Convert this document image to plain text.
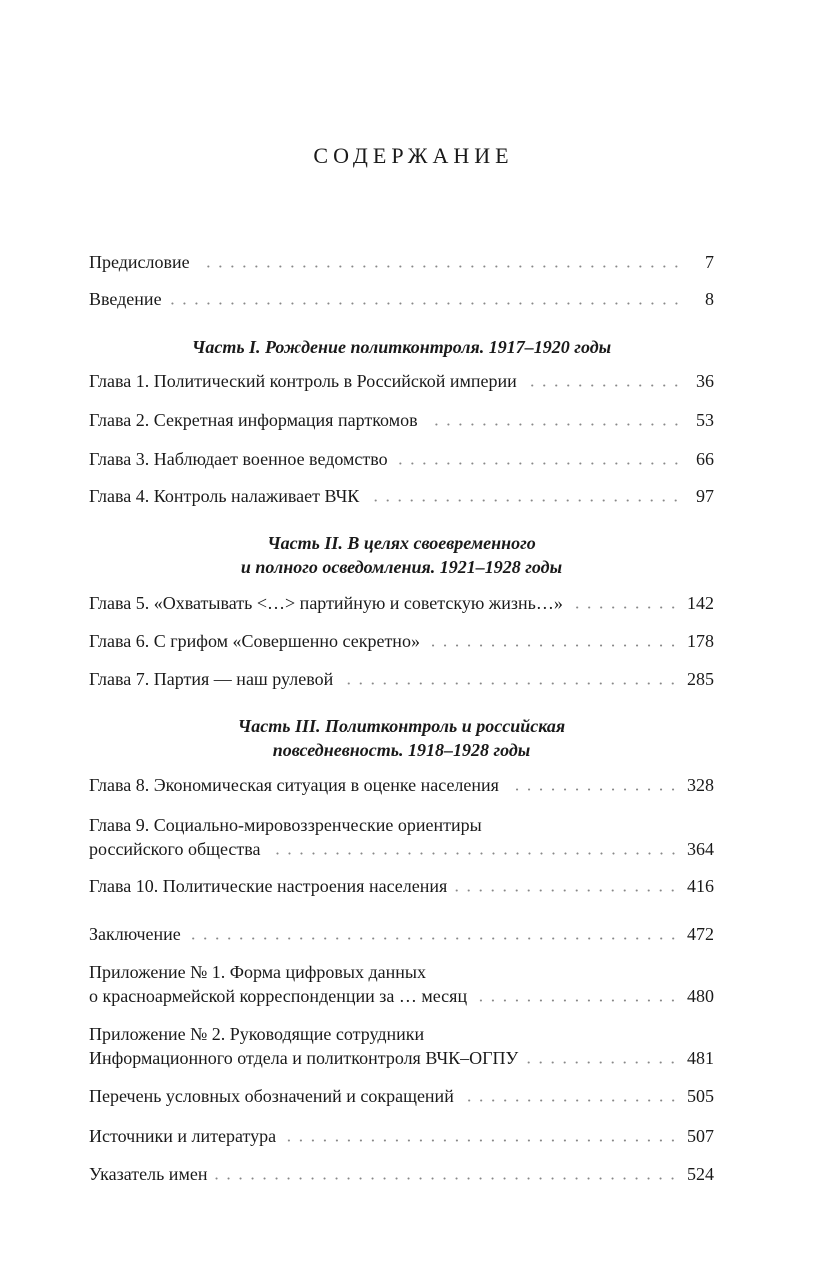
СОДЕРЖАНИЕ
Часть I. Рождение политконтроля. 1917–1920 годы
Часть II. В целях своевременного
и полного осведомления. 1921–1928 годы
Часть III. Политконтроль и российская
повседневность. 1918–1928 годы
Предисловие	7
Введение	8
Глава 1. Политический контроль в Российской империи	36
Глава 2. Секретная информация парткомов	53
Глава 3. Наблюдает военное ведомство	66
Глава 4. Контроль налаживает ВЧК	97
Глава 5. «Охватывать <…> партийную и советскую жизнь…»	142
Глава 6. С грифом «Совершенно секретно»	178
Глава 7. Партия — наш рулевой	285
Глава 8. Экономическая ситуация в оценке населения	328
Глава 9. Социально-мировоззренческие ориентиры
российского общества	364
Глава 10. Политические настроения населения	416
Заключение	472
Приложение № 1. Форма цифровых данных
о красноармейской корреспонденции за … месяц	480
Приложение № 2. Руководящие сотрудники
Информационного отдела и политконтроля ВЧК–ОГПУ	481
Перечень условных обозначений и сокращений	505
Источники и литература	507
Указатель имен	524
